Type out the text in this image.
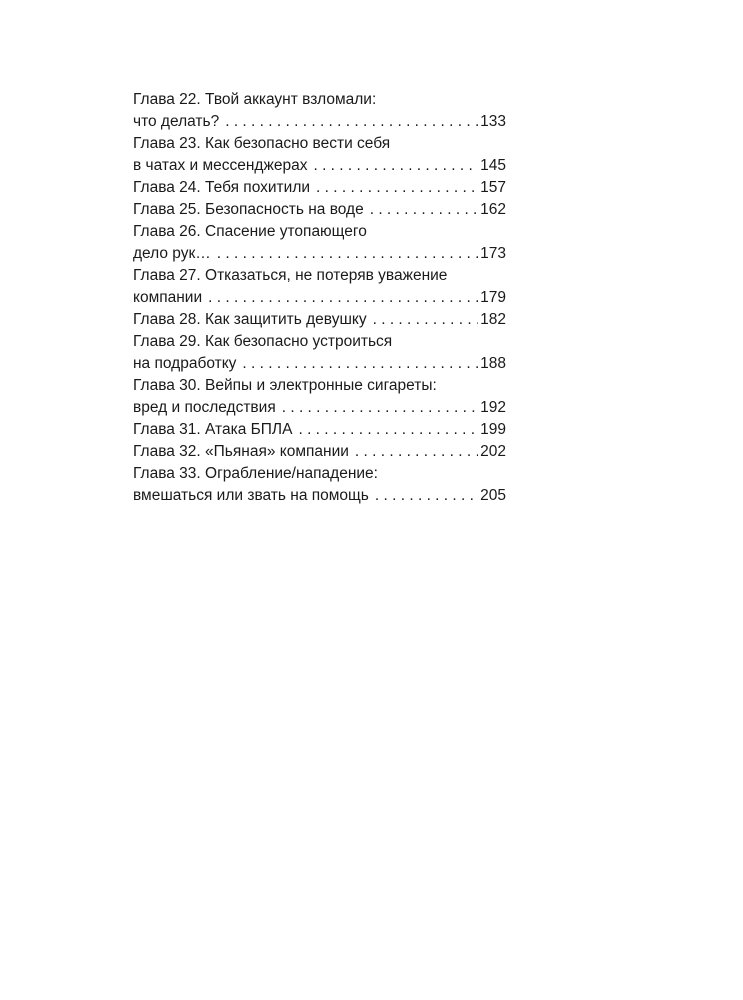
Глава 22. Твой аккаунт взломали:
что делать? . . .	133
Глава 23. Как безопасно вести себя
в чатах и мессенджерах . . .	145
Глава 24. Тебя похитили . . .	157
Глава 25. Безопасность на воде . . .	162
Глава 26. Спасение утопающего
дело рук… . . .	173
Глава 27. Отказаться, не потеряв уважение
компании . . .	179
Глава 28. Как защитить девушку . . .	182
Глава 29. Как безопасно устроиться
на подработку . . .	188
Глава 30. Вейпы и электронные сигареты:
вред и последствия . . .	192
Глава 31. Атака БПЛА . . .	199
Глава 32. «Пьяная» компании . . .	202
Глава 33. Ограбление/нападение:
вмешаться или звать на помощь . . .	205
